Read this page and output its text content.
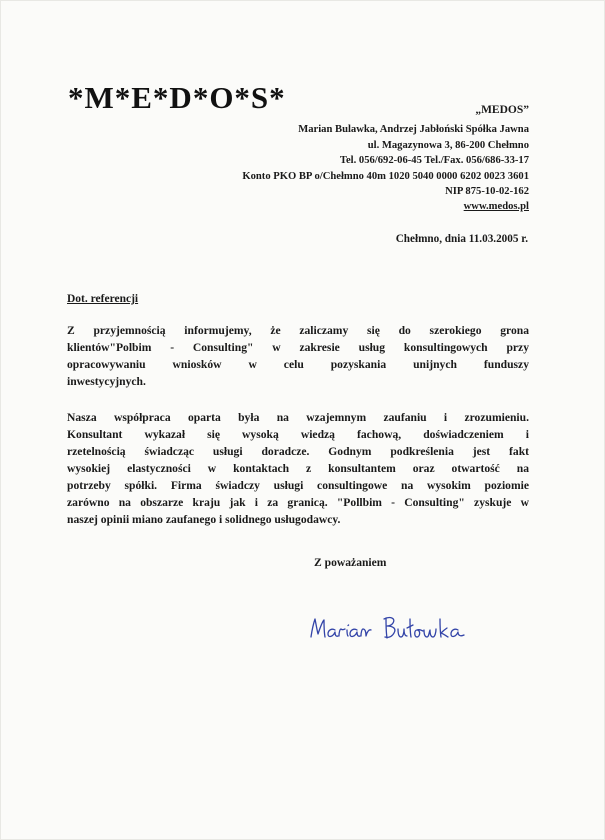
*M*E*D*O*S*	„MEDOS”
Marian Bulawka, Andrzej Jabłoński Spółka Jawna
ul. Magazynowa 3, 86-200 Chełmno
Tel. 056/692-06-45 Tel./Fax. 056/686-33-17
Konto PKO BP o/Chełmno 40m 1020 5040 0000 6202 0023 3601
NIP 875-10-02-162
www.medos.pl
Chełmno, dnia 11.03.2005 r.
Dot. referencji
Z przyjemnością informujemy, że zaliczamy się do szerokiego grona
klientów"Polbim - Consulting" w zakresie usług konsultingowych przy
opracowywaniu wniosków w celu pozyskania unijnych funduszy
inwestycyjnych.
Nasza współpraca oparta była na wzajemnym zaufaniu i zrozumieniu.
Konsultant wykazał się wysoką wiedzą fachową, doświadczeniem i
rzetelnością świadcząc usługi doradcze. Godnym podkreślenia jest fakt
wysokiej elastyczności w kontaktach z konsultantem oraz otwartość na
potrzeby spółki. Firma świadczy usługi consultingowe na wysokim poziomie
zarówno na obszarze kraju jak i za granicą. "Pollbim - Consulting" zyskuje w
naszej opinii miano zaufanego i solidnego usługodawcy.
Z poważaniem
